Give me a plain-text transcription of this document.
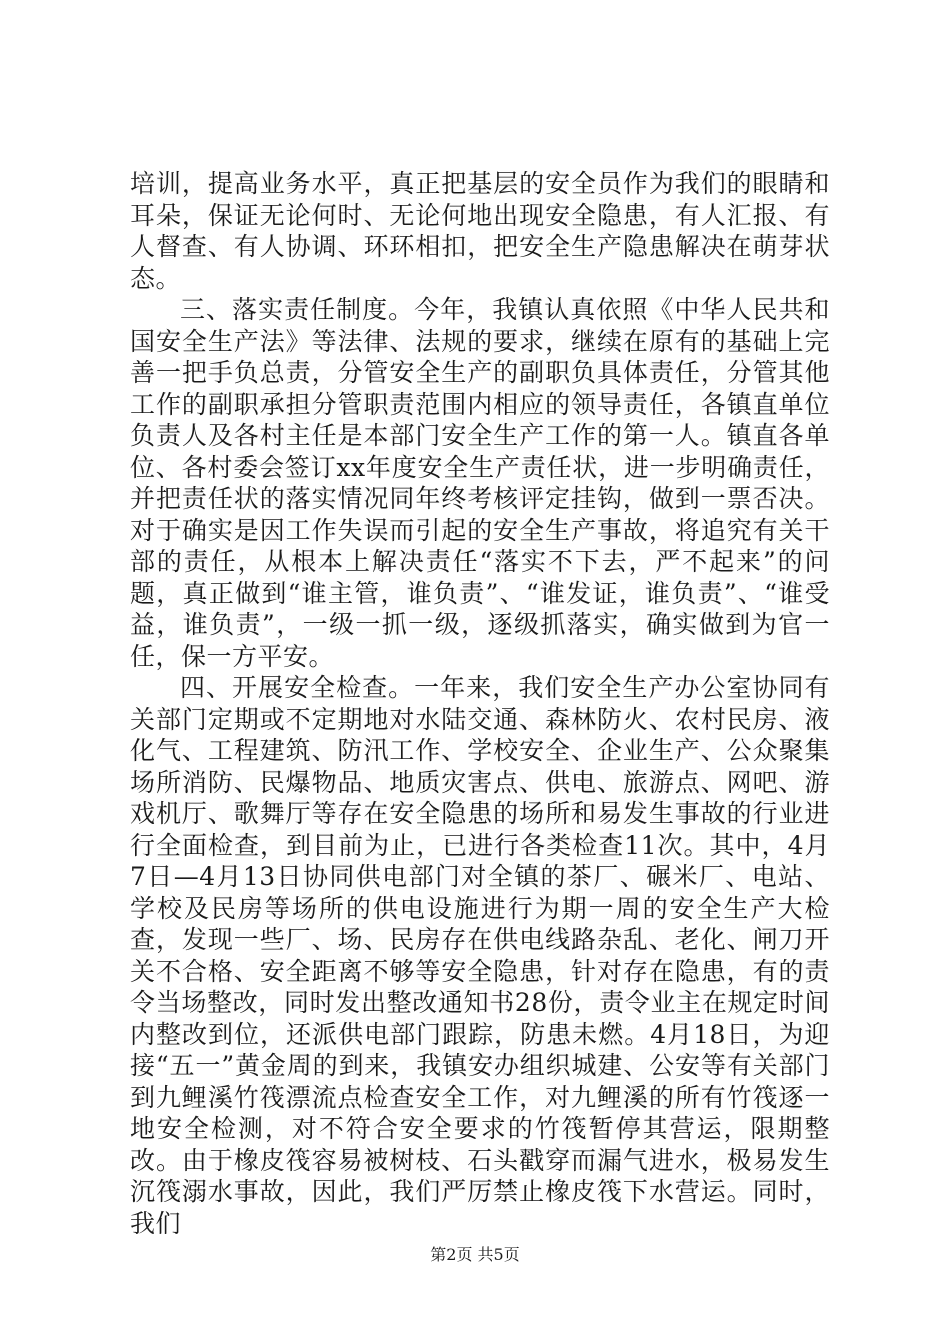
培训，提高业务水平，真正把基层的安全员作为我们的眼睛和耳朵，保证无论何时、无论何地出现安全隐患，有人汇报、有人督查、有人协调、环环相扣，把安全生产隐患解决在萌芽状态。

三、落实责任制度。今年，我镇认真依照《中华人民共和国安全生产法》等法律、法规的要求，继续在原有的基础上完善一把手负总责，分管安全生产的副职负具体责任，分管其他工作的副职承担分管职责范围内相应的领导责任，各镇直单位负责人及各村主任是本部门安全生产工作的第一人。镇直各单位、各村委会签订xx年度安全生产责任状，进一步明确责任，并把责任状的落实情况同年终考核评定挂钩，做到一票否决。对于确实是因工作失误而引起的安全生产事故，将追究有关干部的责任，从根本上解决责任“落实不下去，严不起来”的问题，真正做到“谁主管，谁负责”、“谁发证，谁负责”、“谁受益，谁负责”，一级一抓一级，逐级抓落实，确实做到为官一任，保一方平安。

四、开展安全检查。一年来，我们安全生产办公室协同有关部门定期或不定期地对水陆交通、森林防火、农村民房、液化气、工程建筑、防汛工作、学校安全、企业生产、公众聚集场所消防、民爆物品、地质灾害点、供电、旅游点、网吧、游戏机厅、歌舞厅等存在安全隐患的场所和易发生事故的行业进行全面检查，到目前为止，已进行各类检查11次。其中，4月7日—4月13日协同供电部门对全镇的茶厂、碾米厂、电站、学校及民房等场所的供电设施进行为期一周的安全生产大检查，发现一些厂、场、民房存在供电线路杂乱、老化、闸刀开关不合格、安全距离不够等安全隐患，针对存在隐患，有的责令当场整改，同时发出整改通知书28份，责令业主在规定时间内整改到位，还派供电部门跟踪，防患未燃。4月18日，为迎接“五一”黄金周的到来，我镇安办组织城建、公安等有关部门到九鲤溪竹筏漂流点检查安全工作，对九鲤溪的所有竹筏逐一地安全检测，对不符合安全要求的竹筏暂停其营运，限期整改。由于橡皮筏容易被树枝、石头戳穿而漏气进水，极易发生沉筏溺水事故，因此，我们严厉禁止橡皮筏下水营运。同时，我们

第2页 共5页
